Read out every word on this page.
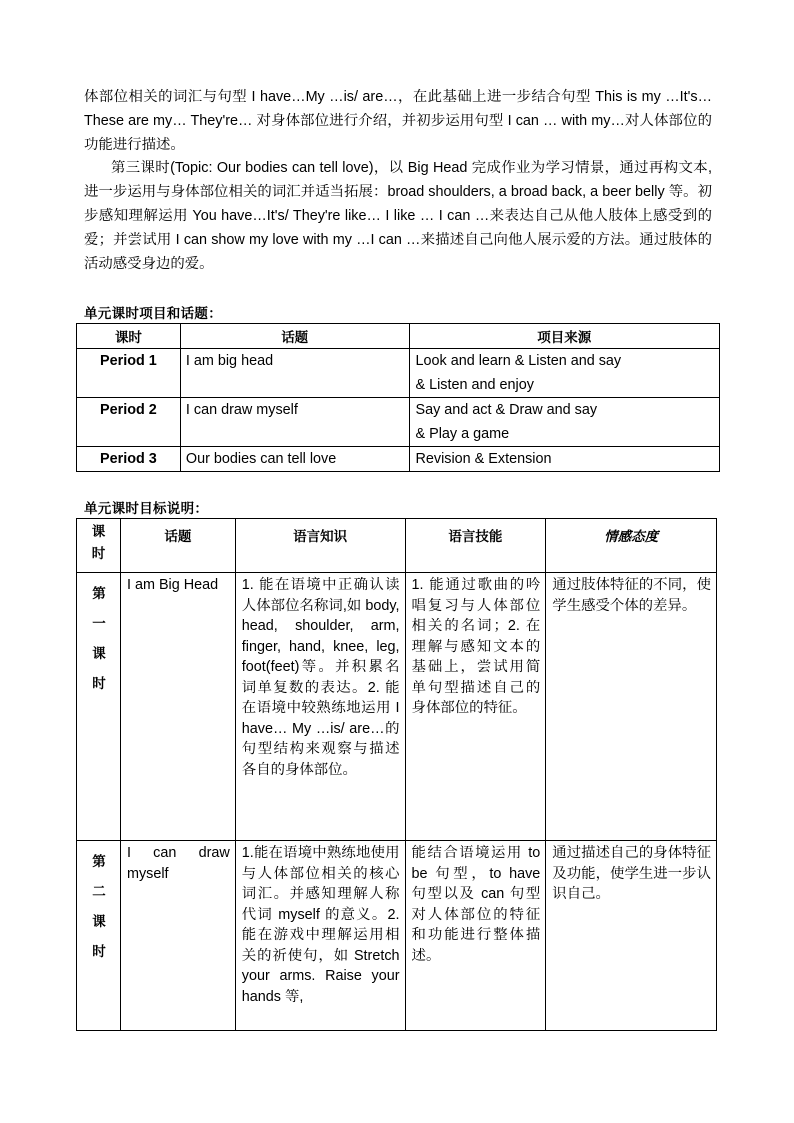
体部位相关的词汇与句型 I have…My …is/ are…，在此基础上进一步结合句型 This is my …It's… These are my… They're… 对身体部位进行介绍，并初步运用句型 I can … with my…对人体部位的功能进行描述。

第三课时(Topic: Our bodies can tell love)，以 Big Head 完成作业为学习情景，通过再构文本,进一步运用与身体部位相关的词汇并适当拓展：broad shoulders, a broad back, a beer belly 等。初步感知理解运用 You have…It's/ They're like… I like … I can …来表达自己从他人肢体上感受到的爱；并尝试用 I can show my love with my …I can …来描述自己向他人展示爱的方法。通过肢体的活动感受身边的爱。

单元课时项目和话题：
课时	话题	项目来源
Period 1	I am big head	Look and learn & Listen and say
& Listen and enjoy

Period 2	I can draw myself	Say and act & Draw and say
& Play a game

Period 3	Our bodies can tell love	Revision & Extension
单元课时目标说明：
课时	话题	语言知识	语言技能	情感态度

第一课时	I am Big Head	1. 能在语境中正确认读人体部位名称词,如 body, head, shoulder, arm, finger, hand, knee, leg, foot(feet)等。并积累名词单复数的表达。2. 能在语境中较熟练地运用 I have… My …is/ are…的句型结构来观察与描述各自的身体部位。	1. 能通过歌曲的吟唱复习与人体部位相关的名词；2. 在理解与感知文本的基础上，尝试用简单句型描述自己的身体部位的特征。	通过肢体特征的不同，使学生感受个体的差异。

第二课时	I can draw myself	1.能在语境中熟练地使用与人体部位相关的核心词汇。并感知理解人称代词 myself 的意义。2. 能在游戏中理解运用相关的祈使句，如 Stretch your arms. Raise your hands 等,	能结合语境运用 to be 句型，to have 句型以及 can 句型对人体部位的特征和功能进行整体描述。	通过描述自己的身体特征及功能，使学生进一步认识自己。
